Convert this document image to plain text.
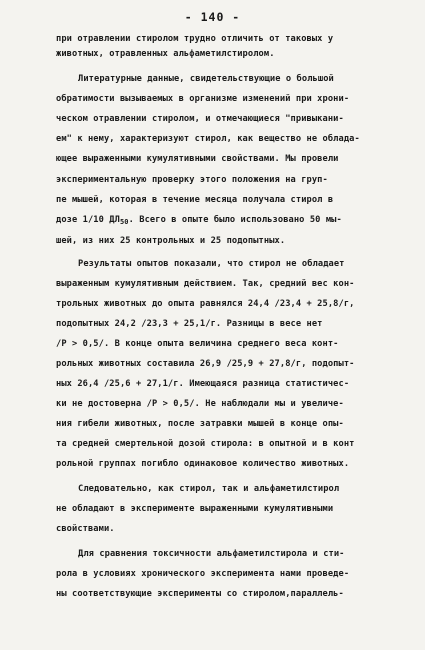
- 140 -
при отравлении стиролом трудно отличить от таковых у
животных, отравленных альфаметилстиролом.
Литературные данные, свидетельствующие о большой
обратимости вызываемых в организме изменений при хрони-
ческом отравлении стиролом, и отмечающиеся "привыкани-
ем" к нему, характеризуют стирол, как вещество не облада-
ющее выраженными кумулятивными свойствами. Мы провели
экспериментальную проверку этого положения на груп-
пе мышей, которая в течение месяца получала стирол в
дозе 1/10 $ДЛ_{50}$. Всего в опыте было использовано 50 мы-
шей, из них 25 контрольных и 25 подопытных.
Результаты опытов показали, что стирол не обладает
выраженным кумулятивным действием. Так, средний вес кон-
трольных животных до опыта равнялся 24,4 /23,4 + 25,8/г,
подопытных 24,2 /23,3 + 25,1/г. Разницы в весе нет
/Р > 0,5/. В конце опыта величина среднего веса конт-
рольных животных составила 26,9 /25,9 + 27,8/г, подопыт-
ных 26,4 /25,6 + 27,1/г. Имеющаяся разница статистичес-
ки не достоверна /Р > 0,5/. Не наблюдали мы и увеличе-
ния гибели животных, после затравки мышей в конце опы-
та средней смертельной дозой стирола: в опытной и в конт
рольной группах погибло одинаковое количество животных.
Следовательно, как стирол, так и альфаметилстирол
не обладают в эксперименте выраженными кумулятивными
свойствами.
Для сравнения токсичности альфаметилстирола и сти-
рола в условиях хронического эксперимента нами проведе-
ны соответствующие эксперименты со стиролом,параллель-
